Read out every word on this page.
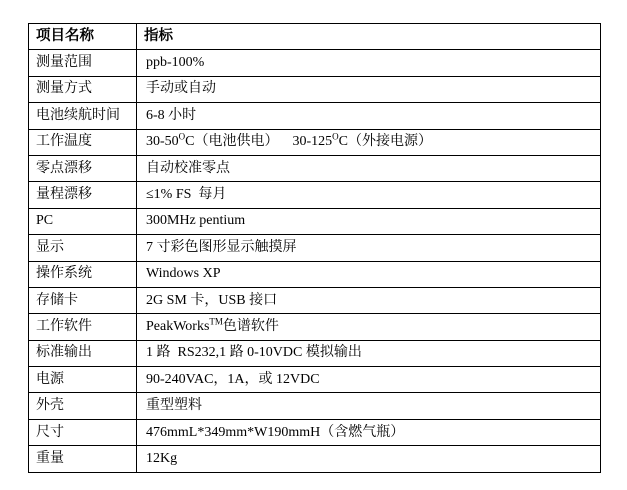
项目名称	指标
测量范围	ppb-100%
测量方式	手动或自动
电池续航时间	6-8 小时
工作温度	$30-50^OC$（电池供电）    $30-125^OC$（外接电源）
零点漂移	自动校准零点
量程漂移	≤1% FS  每月
PC	300MHz pentium
显示	7 寸彩色图形显示触摸屏
操作系统	Windows XP
存储卡	2G SM 卡，USB 接口
工作软件	PeakWorks™色谱软件
标准输出	1 路  RS232,1 路 0-10VDC 模拟输出
电源	90-240VAC，1A，或 12VDC
外壳	重型塑料
尺寸	476mmL*349mm*W190mmH（含燃气瓶）
重量	12Kg
